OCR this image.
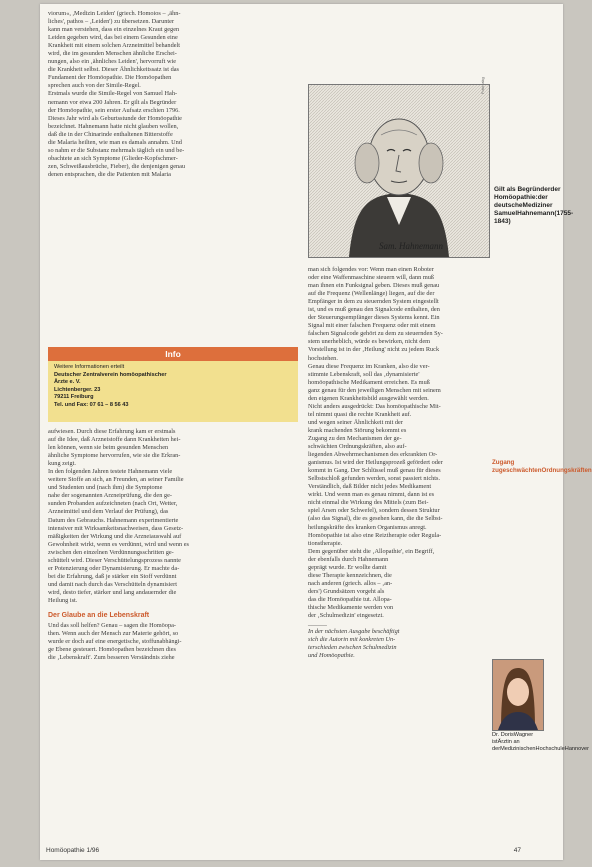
viorum«, ,Medizin Leiden' (griech. Homoios – ‚ähn-
liches', pathos – ‚Leiden') zu übersetzen. Darunter
kann man verstehen, dass ein einzelnes Kraut gegen
Leiden gegeben wird, das bei einem Gesunden eine
Krankheit mit einem solchen Arzneimittel behandelt
wird, die im gesunden Menschen ähnliche Erschei-
nungen, also ein ‚ähnliches Leiden', hervorruft wie
die Krankheit selbst. Dieser Ähnlichkeitssatz ist das
Fundament der Homöopathie. Die Homöopathen
sprechen auch von der Simile-Regel.
Erstmals wurde die Simile-Regel von Samuel Hah-
nemann vor etwa 200 Jahren. Er gilt als Begründer
der Homöopathie, sein erster Aufsatz erschien 1796.
Dieses Jahr wird als Geburtsstunde der Homöopathie
bezeichnet. Hahnemann hatte nicht glauben wollen,
daß die in der Chinarinde enthaltenen Bitterstoffe
die Malaria heilten, wie man es damals annahm. Und
so nahm er die Substanz mehrmals täglich ein und be-
obachtete an sich Symptome (Glieder-Kopfschmer-
zen, Schweißausbrüche, Fieber), die denjenigen genau
denen entsprachen, die die Patienten mit Malaria
Info
Weitere Informationen erteilt
Deutscher Zentralverein homöopathischer
Ärzte e. V.
Lichtenberger. 23
79211 Freiburg
Tel. und Fax: 07 61 – 8 56 43
aufwiesen. Durch diese Erfahrung kam er erstmals
auf die Idee, daß Arzneistoffe dann Krankheiten hei-
len können, wenn sie beim gesunden Menschen
ähnliche Symptome hervorrufen, wie sie die Erkran-
kung zeigt.
In den folgenden Jahren testete Hahnemann viele
weitere Stoffe an sich, an Freunden, an seiner Familie
und Studenten und (nach ihm) die Symptome
nahe der sogenannten Arzneiprüfung, die den ge-
sunden Probanden aufzeichneten (nach Ort, Wetter,
Arzneimittel und dem Verlauf der Prüfung), das
Datum des Gebrauchs. Hahnemann experimentierte
intensiver mit Wirksamkeitsnachweisen, dass Gesetz-
mäßigkeiten der Wirkung und die Arzneiauswahl auf
Gewohnheit wirkt, wenn es verdünnt, wird und wenn es
zwischen den einzelnen Verdünnungsschritten ge-
schüttelt wird. Dieser Verschüttelungsprozess nannte
er Potenzierung oder Dynamisierung. Er machte da-
bei die Erfahrung, daß je stärker ein Stoff verdünnt
und damit nach durch das Verschütteln dynamisiert
wird, desto tiefer, stärker und lang andauernder die
Heilung ist.
Der Glaube an die Lebenskraft
Und das soll helfen? Genau – sagen die Homöopa-
then. Wenn auch der Mensch zur Materie gehört, so
wurde er doch auf eine energetische, stoffunabhängi-
ge Ebene gesteuert. Homöopathen bezeichnen dies
die ‚Lebenskraft'. Zum besseren Verständnis ziehe
Sam. Hahnemann
Foto: akg
Gilt als Begründerder Homöopathie:der deutscheMediziner SamuelHahnemann(1755-1843)
man sich folgendes vor: Wenn man einen Roboter
oder eine Waffenmaschine steuern will, dann muß
man ihnen ein Funksignal geben. Dieses muß genau
auf die Frequenz (Wellenlänge) liegen, auf die der
Empfänger in dem zu steuernden System eingestellt
ist, und es muß genau den Signalcode enthalten, den
der Steuerungsempfänger dieses Systems kennt. Ein
Signal mit einer falschen Frequenz oder mit einem
falschen Signalcode gehört zu dem zu steuernden Sy-
stem unerheblich, würde es bewirken, nicht dem
Vorstellung ist in der ‚Heilung' nicht zu jedem Ruck
hochstehen.
Genau diese Frequenz im Kranken, also die ver-
stimmte Lebenskraft, soll das ‚dynamisierte'
homöopathische Medikament erreichen. Es muß
ganz genau für den jeweiligen Menschen mit seinem
den eigenen Krankheitsbild ausgewählt werden.
Nicht anders ausgedrückt: Das homöopathische Mit-
tel nimmt quasi die rechte Krankheit auf.
und wegen seiner Ähnlichkeit mit der
krank machenden Störung bekommt es
Zugang zu den Mechanismen der ge-
schwächten Ordnungskräften, also auf-
liegenden Abwehrmechanismen des erkrankten Or-
ganismus. Ist wird der Heilungsprozeß gefördert oder
kommt in Gang. Der Schlüssel muß genau für dieses
Selbstschloß gefunden werden, sonst passiert nichts.
Verständlich, daß Bilder nicht jedes Medikament
wirkt. Und wenn man es genau nimmt, dann ist es
nicht einmal die Wirkung des Mittels (zum Bei-
spiel Arsen oder Schwefel), sondern dessen Struktur
(also das Signal), die es gesehen kann, die die Selbst-
heilungskräfte des kranken Organismus anregt.
Homöopathie ist also eine Reiztherapie oder Regula-
tionstherapie.
Dem gegenüber steht die ‚Allopathie', ein Begriff,
der ebenfalls durch Hahnemann
geprägt wurde. Er wollte damit
diese Therapie kennzeichnen, die
nach anderen (griech. allos – ‚an-
ders') Grundsätzen vorgeht als
das die Homöopathie tut. Allopa-
thische Medikamente werden von
der ‚Schulmedizin' eingesetzt.
______
In der nächsten Ausgabe beschäftigt
sich die Autorin mit konkreten Un-
terschieden zwischen Schulmedizin
und Homöopathie.
Zugang zugeschwächtenOrdnungskräften
Dr. DorisWagner istÄrztin an derMedizinischenHochschuleHannover
Homöopathie 1/96	47
